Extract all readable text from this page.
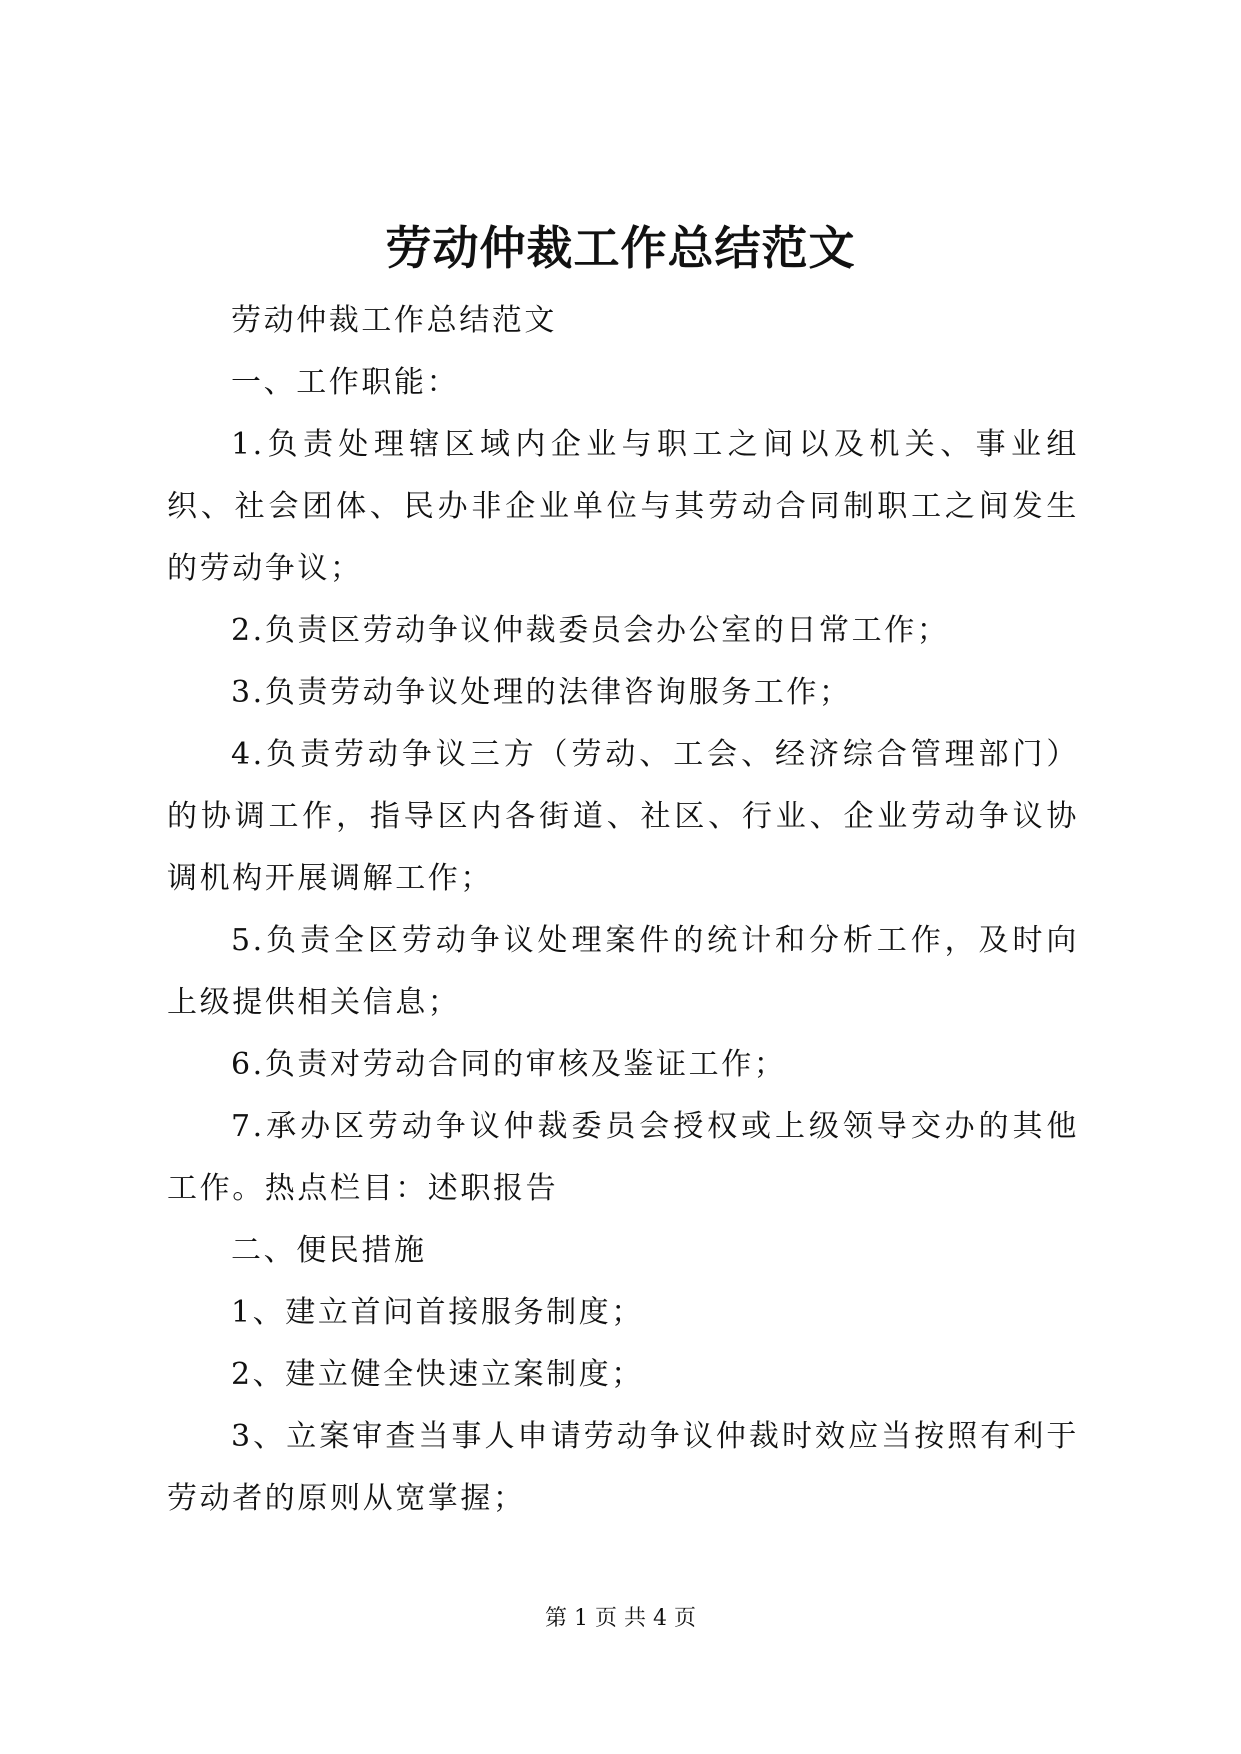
劳动仲裁工作总结范文

劳动仲裁工作总结范文

一、工作职能：

1.负责处理辖区域内企业与职工之间以及机关、事业组织、社会团体、民办非企业单位与其劳动合同制职工之间发生的劳动争议；

2.负责区劳动争议仲裁委员会办公室的日常工作；

3.负责劳动争议处理的法律咨询服务工作；

4.负责劳动争议三方（劳动、工会、经济综合管理部门）的协调工作，指导区内各街道、社区、行业、企业劳动争议协调机构开展调解工作；

5.负责全区劳动争议处理案件的统计和分析工作，及时向上级提供相关信息；

6.负责对劳动合同的审核及鉴证工作；

7.承办区劳动争议仲裁委员会授权或上级领导交办的其他工作。热点栏目：述职报告

二、便民措施

1、建立首问首接服务制度；

2、建立健全快速立案制度；

3、立案审查当事人申请劳动争议仲裁时效应当按照有利于劳动者的原则从宽掌握；

第 1 页 共 4 页
